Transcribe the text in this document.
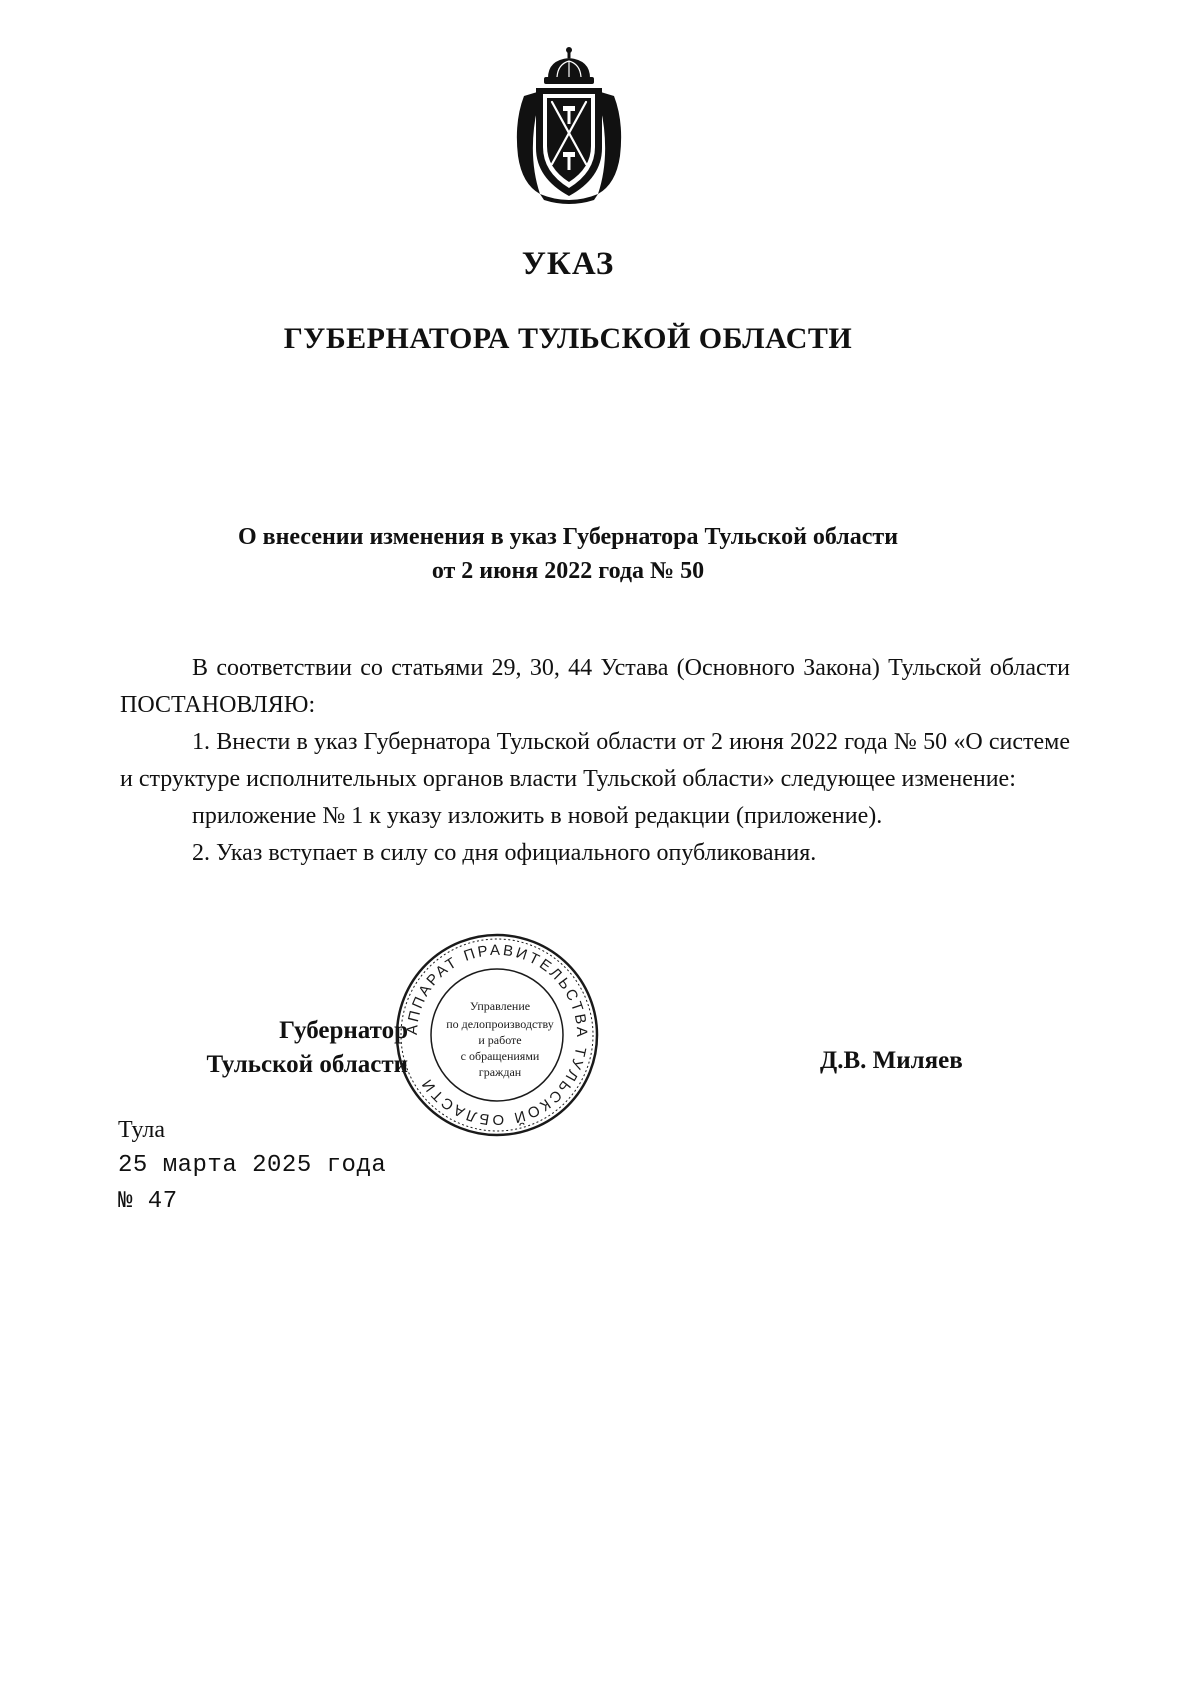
УКАЗ
ГУБЕРНАТОРА ТУЛЬСКОЙ ОБЛАСТИ
О внесении изменения в указ Губернатора Тульской области
от 2 июня 2022 года № 50

В соответствии со статьями 29, 30, 44 Устава (Основного Закона) Тульской области ПОСТАНОВЛЯЮ:

1. Внести в указ Губернатора Тульской области от 2 июня 2022 года № 50 «О системе и структуре исполнительных органов власти Тульской области» следующее изменение:

приложение № 1 к указу изложить в новой редакции (приложение).

2. Указ вступает в силу со дня официального опубликования.

Губернатор
Тульской области
АППАРАТ ПРАВИТЕЛЬСТВА ТУЛЬСКОЙ ОБЛАСТИ
Управление
по делопроизводству
и работе
с обращениями
граждан	Д.В. Миляев
Тула
25 марта 2025 года
№ 47
